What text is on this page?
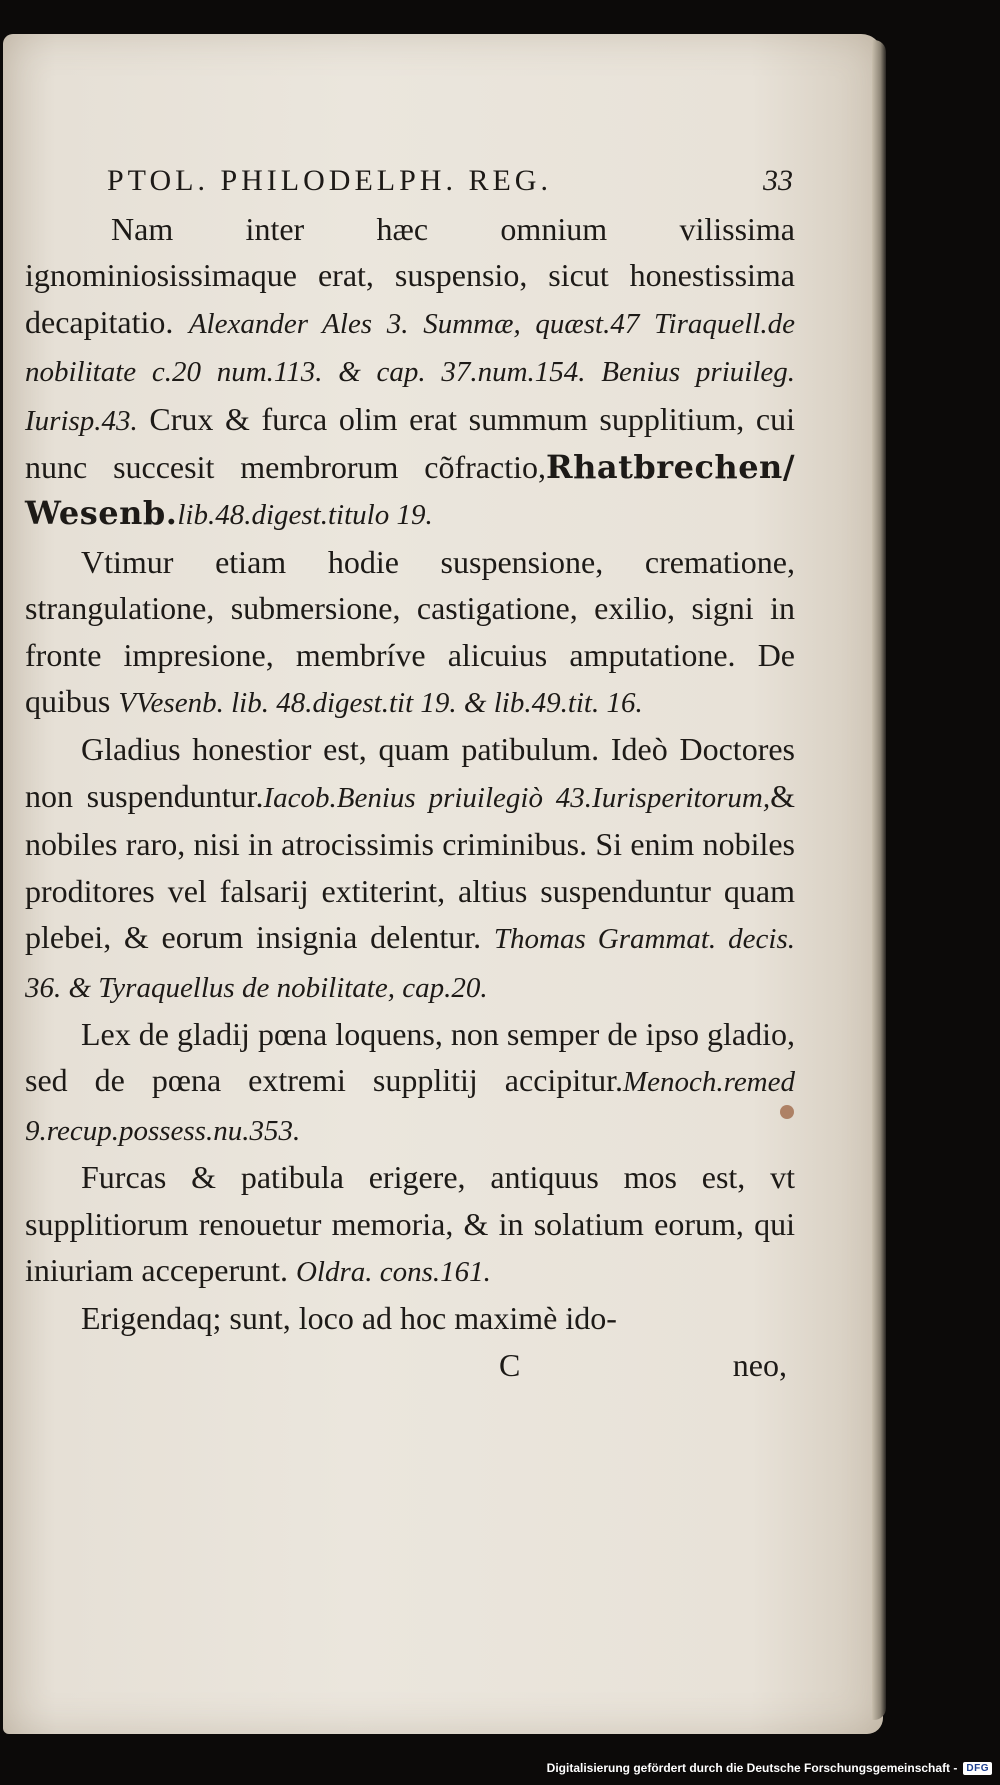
PTOL. PHILODELPH. REG.	33

Nam inter hæc omnium vilissima ignominiosissimaque erat, suspensio, sicut honestissima decapitatio. Alexander Ales 3. Summæ, quæst.47 Tiraquell.de nobilitate c.20 num.113. & cap. 37.num.154. Benius priuileg. Iurisp.43. Crux & furca olim erat summum supplitium, cui nunc succesit membrorum cõfractio,Rhatbrechen/ Wesenb.lib.48.digest.titulo 19.

Vtimur etiam hodie suspensione, crematione, strangulatione, submersione, castigatione, exilio, signi in fronte impresione, membríve alicuius amputatione. De quibus VVesenb. lib. 48.digest.tit 19. & lib.49.tit. 16.

Gladius honestior est, quam patibulum. Ideò Doctores non suspenduntur.Iacob.Benius priuilegiò 43.Iurisperitorum,& nobiles raro, nisi in atrocissimis criminibus. Si enim nobiles proditores vel falsarij extiterint, altius suspenduntur quam plebei, & eorum insignia delentur. Thomas Grammat. decis. 36. & Tyraquellus de nobilitate, cap.20.

Lex de gladij pœna loquens, non semper de ipso gladio, sed de pœna extremi supplitij accipitur.Menoch.remed 9.recup.possess.nu.353.

Furcas & patibula erigere, antiquus mos est, vt supplitiorum renouetur memoria, & in solatium eorum, qui iniuriam acceperunt. Oldra. cons.161.

Erigendaq; sunt, loco ad hoc maximè ido-

C	neo,
Digitalisierung gefördert durch die Deutsche Forschungsgemeinschaft - DFG
